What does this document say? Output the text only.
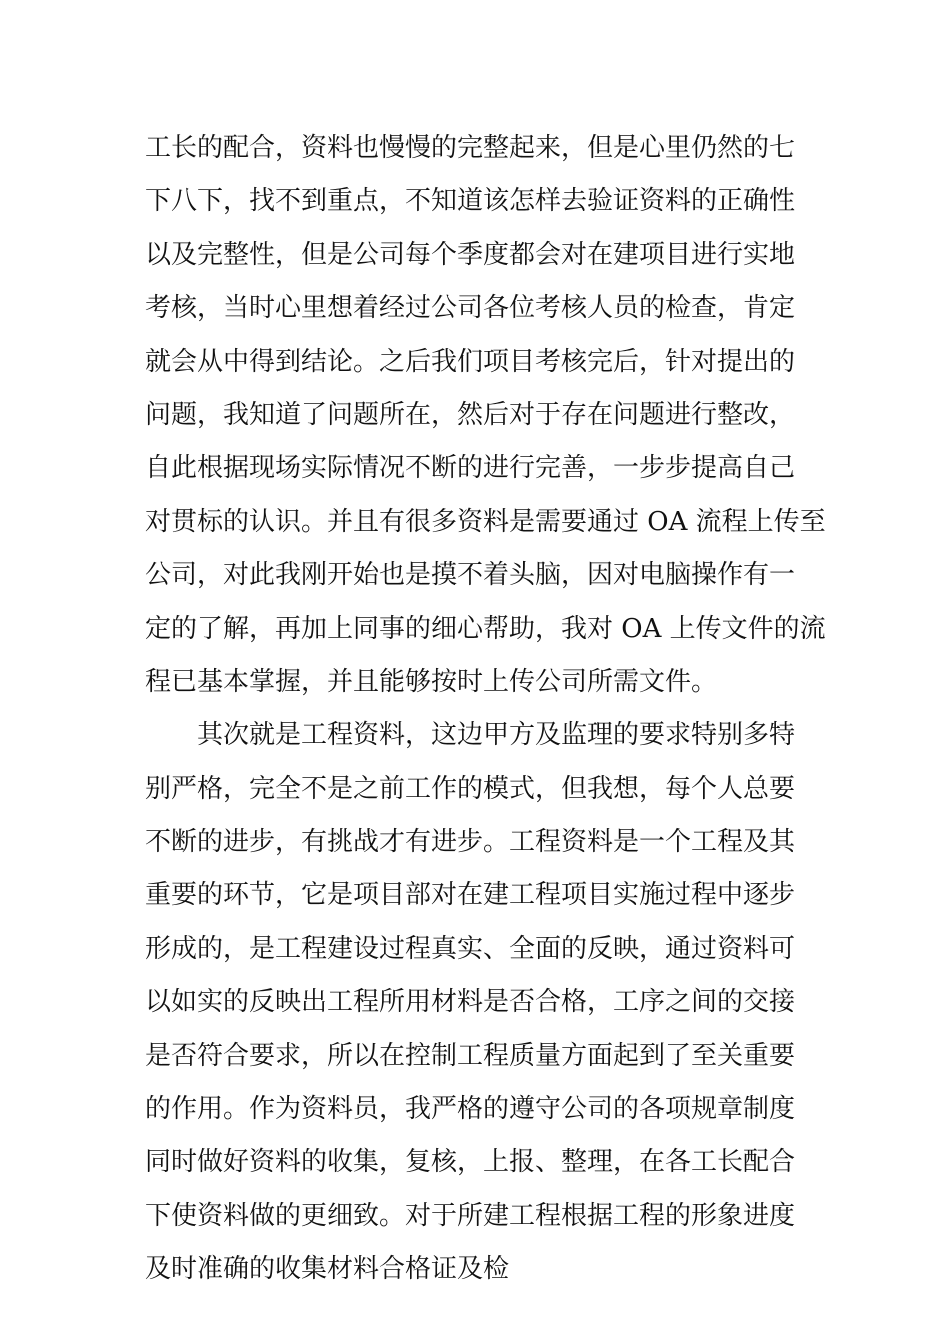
工长的配合，资料也慢慢的完整起来，但是心里仍然的七
下八下，找不到重点，不知道该怎样去验证资料的正确性
以及完整性，但是公司每个季度都会对在建项目进行实地
考核，当时心里想着经过公司各位考核人员的检查，肯定
就会从中得到结论。之后我们项目考核完后，针对提出的
问题，我知道了问题所在，然后对于存在问题进行整改，
自此根据现场实际情况不断的进行完善，一步步提高自己
对贯标的认识。并且有很多资料是需要通过 OA 流程上传至
公司，对此我刚开始也是摸不着头脑，因对电脑操作有一
定的了解，再加上同事的细心帮助，我对 OA 上传文件的流
程已基本掌握，并且能够按时上传公司所需文件。
其次就是工程资料，这边甲方及监理的要求特别多特
别严格，完全不是之前工作的模式，但我想，每个人总要
不断的进步，有挑战才有进步。工程资料是一个工程及其
重要的环节，它是项目部对在建工程项目实施过程中逐步
形成的，是工程建设过程真实、全面的反映，通过资料可
以如实的反映出工程所用材料是否合格，工序之间的交接
是否符合要求，所以在控制工程质量方面起到了至关重要
的作用。作为资料员，我严格的遵守公司的各项规章制度
同时做好资料的收集，复核，上报、整理，在各工长配合
下使资料做的更细致。对于所建工程根据工程的形象进度
及时准确的收集材料合格证及检
